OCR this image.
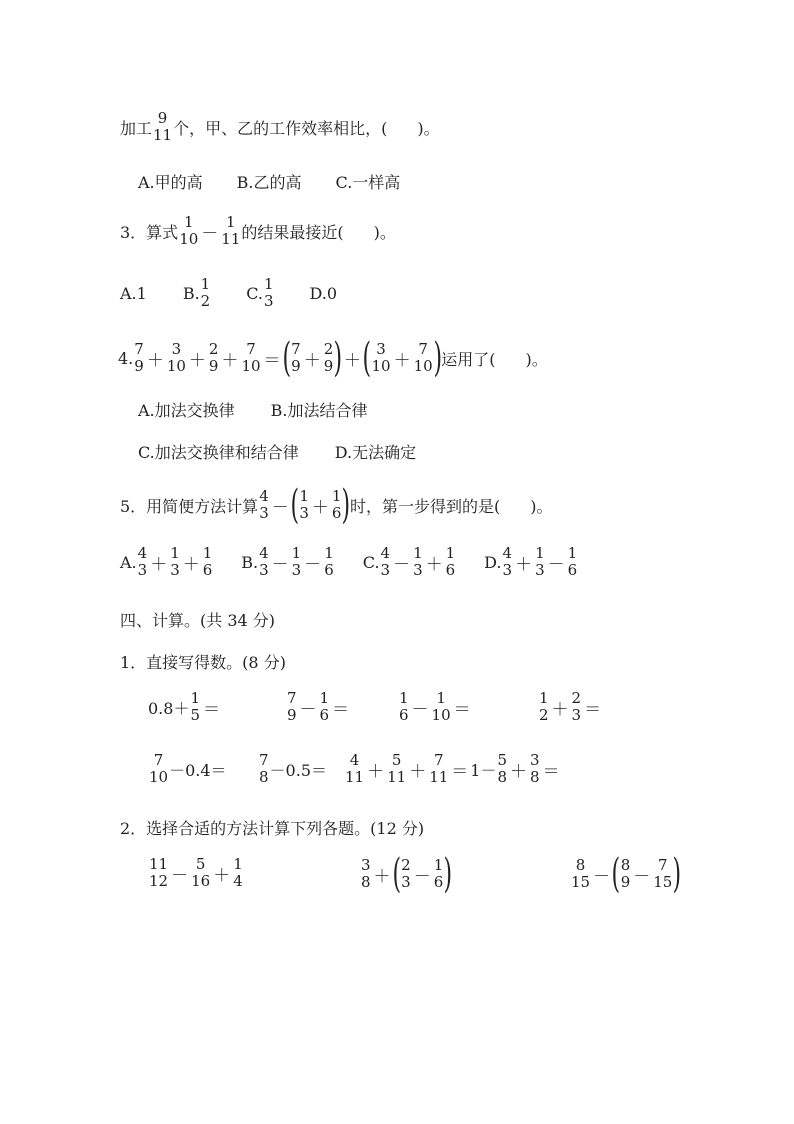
加工
9
11 个，甲、乙的工作效率相比，( )。
A.甲的高 B.乙的高 C.一样高
3．算式
1
10 －
1
11 的结果最接近( )。
A.1 B. 1
2 C. 1
3 D.0
4. 7
9 ＋
3
10 ＋
2
9 ＋
7
10 ＝ ( 7
9 ＋
2
9 ) ＋ ( 3
10 ＋
7
10 ) 运用了( )。
A.加法交换律 B.加法结合律
C.加法交换律和结合律 D.无法确定
5．用简便方法计算
4
3 － ( 1
3 ＋
1
6 ) 时，第一步得到的是( )。
A. 4
3 ＋
1
3 ＋
1
6 B. 4
3 －
1
3 －
1
6 C. 4
3 －
1
3 ＋
1
6 D. 4
3 ＋
1
3 －
1
6
四、计算。(共 34 分)
1．直接写得数。(8 分)
0.8＋
1
5 ＝
7
9 －
1
6 ＝
1
6 －
1
10 ＝
1
2 ＋
2
3 ＝
7
10 －0.4＝
7
8 －0.5＝
4
11 ＋
5
11 ＋
7
11 ＝ 1－
5
8 ＋
3
8 ＝
2．选择合适的方法计算下列各题。(12 分)
11
12 －
5
16 ＋
1
4
3
8 ＋ ( 2
3 －
1
6 )	8
15 － ( 8
9 －
7
15 )
